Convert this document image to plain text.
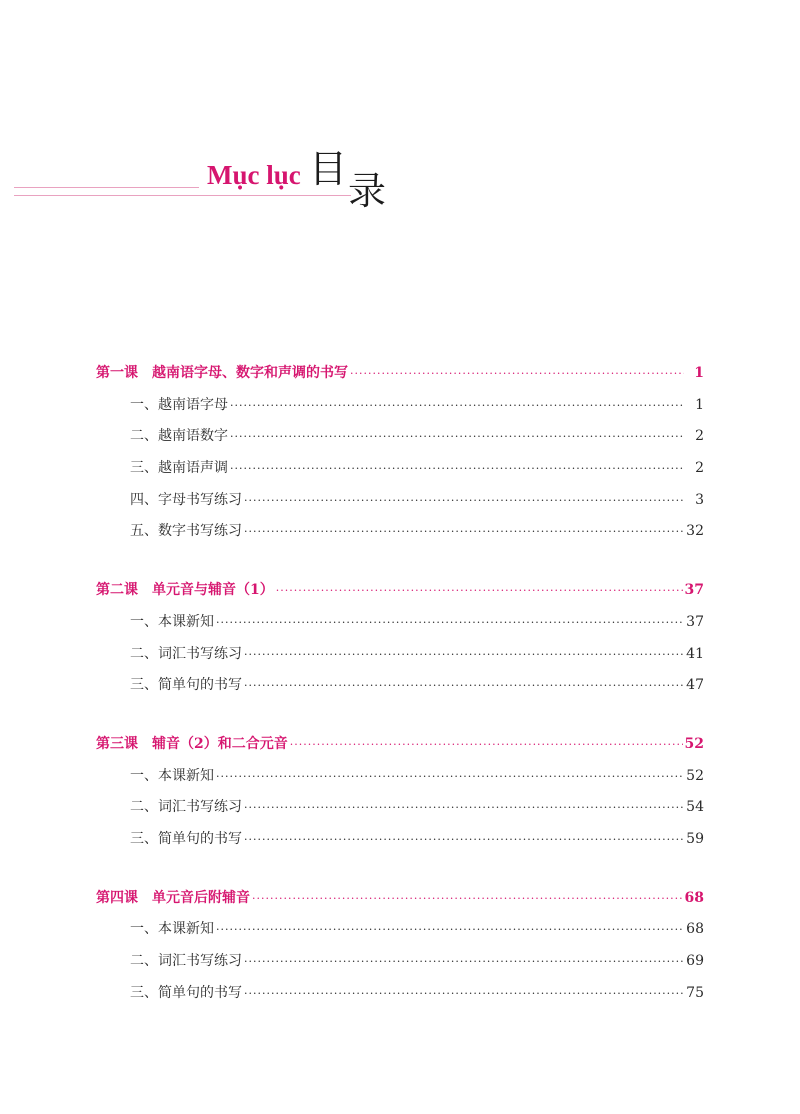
Mục lục 目 录
第一课 越南语字母、数字和声调的书写 ·····	1
一、越南语字母 ·····	1
二、越南语数字 ·····	2
三、越南语声调 ·····	2
四、字母书写练习 ·····	3
五、数字书写练习 ·····	32
第二课 单元音与辅音（1） ·····	37
一、本课新知 ·····	37
二、词汇书写练习 ·····	41
三、简单句的书写 ·····	47
第三课 辅音（2）和二合元音 ·····	52
一、本课新知 ·····	52
二、词汇书写练习 ·····	54
三、简单句的书写 ·····	59
第四课 单元音后附辅音 ·····	68
一、本课新知 ·····	68
二、词汇书写练习 ·····	69
三、简单句的书写 ·····	75
